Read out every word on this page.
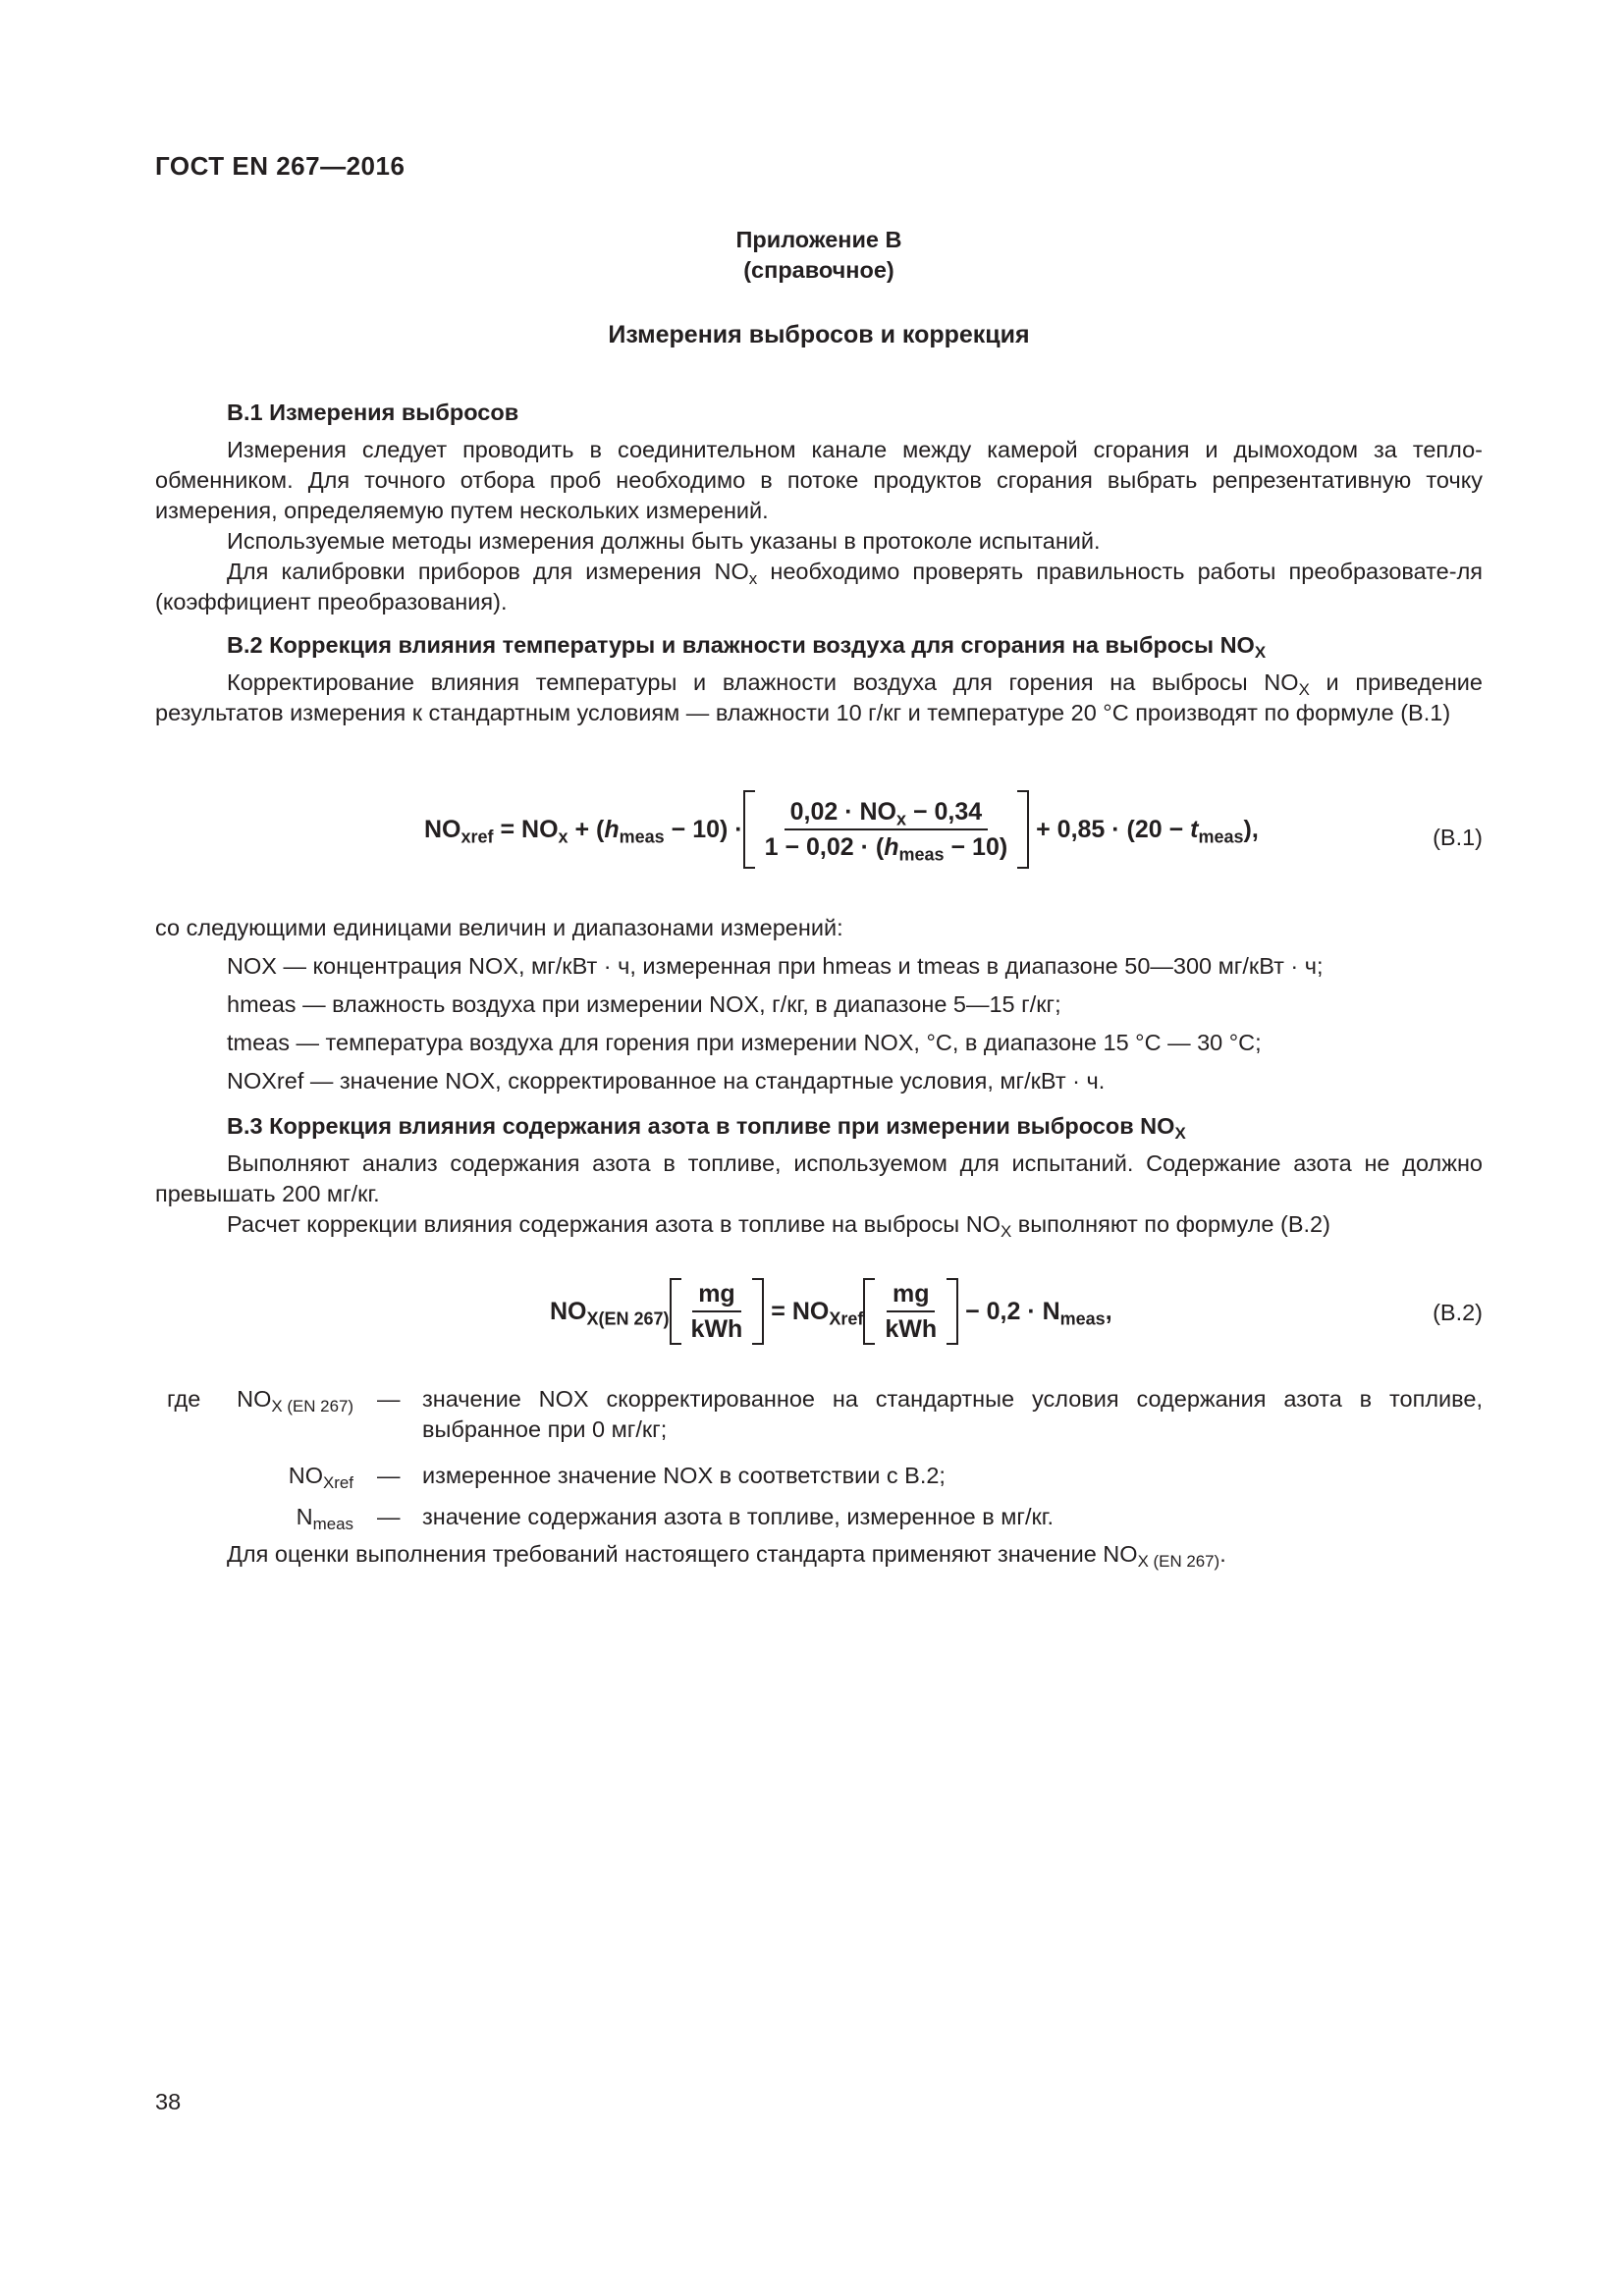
ГОСТ EN 267—2016
Приложение B
(справочное)
Измерения выбросов и коррекция
B.1 Измерения выбросов
Измерения следует проводить в соединительном канале между камерой сгорания и дымоходом за тепло-обменником. Для точного отбора проб необходимо в потоке продуктов сгорания выбрать репрезентативную точку измерения, определяемую путем нескольких измерений.
Используемые методы измерения должны быть указаны в протоколе испытаний.
Для калибровки приборов для измерения $NO_x$ необходимо проверять правильность работы преобразовате-ля (коэффициент преобразования).
B.2 Коррекция влияния температуры и влажности воздуха для сгорания на выбросы $NO_X$
Корректирование влияния температуры и влажности воздуха для горения на выбросы $NO_X$ и приведение результатов измерения к стандартным условиям — влажности 10 г/кг и температуре 20 °C производят по формуле (B.1)
$NO_{xref} = NO_x + (h_{meas} - 10) \cdot \frac{0,02 \cdot NO_x - 0,34}{1 - 0,02 \cdot (h_{meas} - 10)} + 0,85 \cdot (20 - t_{meas})$,	(B.1)
со следующими единицами величин и диапазонами измерений:
NOX — концентрация NOX, мг/кВт · ч, измеренная при hmeas и tmeas в диапазоне 50—300 мг/кВт · ч;
hmeas — влажность воздуха при измерении NOX, г/кг, в диапазоне 5—15 г/кг;
tmeas — температура воздуха для горения при измерении NOX, °C, в диапазоне 15 °C — 30 °C;
NOXref — значение NOX, скорректированное на стандартные условия, мг/кВт · ч.
B.3 Коррекция влияния содержания азота в топливе при измерении выбросов $NO_X$
Выполняют анализ содержания азота в топливе, используемом для испытаний. Содержание азота не должно превышать 200 мг/кг.
Расчет коррекции влияния содержания азота в топливе на выбросы $NO_X$ выполняют по формуле (B.2)
$NO_{X(EN 267)} \frac{mg}{\text{kWh}} = NO_{Xref} \frac{mg}{\text{kWh}} - 0,2 \cdot N_{meas}$,	(B.2)
где	$NO_{X (EN 267)}$ — значение NOX скорректированное на стандартные условия содержания азота в топливе, выбранное при 0 мг/кг;
$NO_{Xref}$ — измеренное значение NOX в соответствии с B.2;
$N_{meas}$ — значение содержания азота в топливе, измеренное в мг/кг.
Для оценки выполнения требований настоящего стандарта применяют значение $NO_{X (EN 267)}$.
38
